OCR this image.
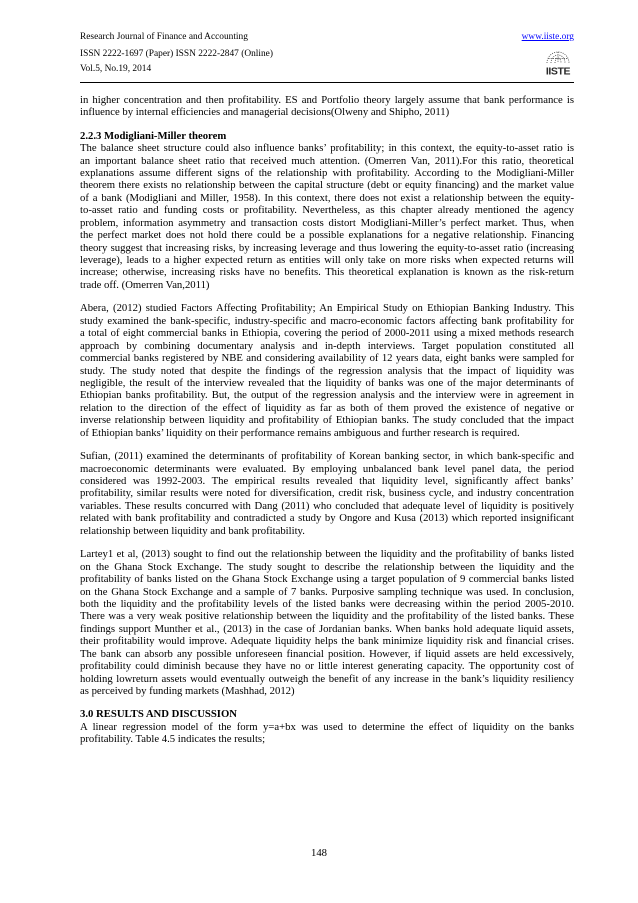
Research Journal of Finance and Accounting
ISSN 2222-1697 (Paper) ISSN 2222-2847 (Online)
Vol.5, No.19, 2014
www.iiste.org
IISTE
in higher concentration and then profitability. ES and Portfolio theory largely assume that bank performance is
influence by internal efficiencies and managerial decisions(Olweny and Shipho, 2011)
2.2.3 Modigliani-Miller theorem
The balance sheet structure could also influence banks’ profitability; in this context, the equity-to-asset ratio is
an important balance sheet ratio that received much attention. (Omerren Van, 2011).For this ratio, theoretical
explanations assume different signs of the relationship with profitability. According to the Modigliani-Miller
theorem there exists no relationship between the capital structure (debt or equity financing) and the market value
of a bank (Modigliani and Miller, 1958). In this context, there does not exist a relationship between the equity-
to-asset ratio and funding costs or profitability. Nevertheless, as this chapter already mentioned the agency
problem, information asymmetry and transaction costs distort Modigliani-Miller’s perfect market. Thus, when
the perfect market does not hold there could be a possible explanations for a negative relationship. Financing
theory suggest that increasing risks, by increasing leverage and thus lowering the equity-to-asset ratio (increasing
leverage), leads to a higher expected return as entities will only take on more risks when expected returns will
increase; otherwise, increasing risks have no benefits. This theoretical explanation is known as the risk-return
trade off. (Omerren Van,2011)
Abera, (2012) studied Factors Affecting Profitability; An Empirical Study on Ethiopian Banking Industry. This
study examined the bank-specific, industry-specific and macro-economic factors affecting bank profitability for
a total of eight commercial banks in Ethiopia, covering the period of 2000-2011 using a mixed methods research
approach by combining documentary analysis and in-depth interviews. Target population constituted all
commercial banks registered by NBE and considering availability of 12 years data, eight banks were sampled for
study. The study noted that despite the findings of the regression analysis that the impact of liquidity was
negligible, the result of the interview revealed that the liquidity of banks was one of the major determinants of
Ethiopian banks profitability. But, the output of the regression analysis and the interview were in agreement in
relation to the direction of the effect of liquidity as far as both of them proved the existence of negative or
inverse relationship between liquidity and profitability of Ethiopian banks. The study concluded that the impact
of Ethiopian banks’ liquidity on their performance remains ambiguous and further research is required.
Sufian, (2011) examined the determinants of profitability of Korean banking sector, in which bank-specific and
macroeconomic determinants were evaluated. By employing unbalanced bank level panel data, the period
considered was 1992-2003. The empirical results revealed that liquidity level, significantly affect banks’
profitability, similar results were noted for diversification, credit risk, business cycle, and industry concentration
variables. These results concurred with Dang (2011) who concluded that adequate level of liquidity is positively
related with bank profitability and contradicted a study by Ongore and Kusa (2013) which reported insignificant
relationship between liquidity and bank profitability.
Lartey1 et al, (2013) sought to find out the relationship between the liquidity and the profitability of banks listed
on the Ghana Stock Exchange. The study sought to describe the relationship between the liquidity and the
profitability of banks listed on the Ghana Stock Exchange using a target population of 9 commercial banks listed
on the Ghana Stock Exchange and a sample of 7 banks. Purposive sampling technique was used. In conclusion,
both the liquidity and the profitability levels of the listed banks were decreasing within the period 2005-2010.
There was a very weak positive relationship between the liquidity and the profitability of the listed banks. These
findings support Munther et al., (2013) in the case of Jordanian banks. When banks hold adequate liquid assets,
their profitability would improve. Adequate liquidity helps the bank minimize liquidity risk and financial crises.
The bank can absorb any possible unforeseen financial position. However, if liquid assets are held excessively,
profitability could diminish because they have no or little interest generating capacity. The opportunity cost of
holding lowreturn assets would eventually outweigh the benefit of any increase in the bank’s liquidity resiliency
as perceived by funding markets (Mashhad, 2012)
3.0 RESULTS AND DISCUSSION
A linear regression model of the form y=a+bx was used to determine the effect of liquidity on the banks
profitability. Table 4.5 indicates the results;
148
